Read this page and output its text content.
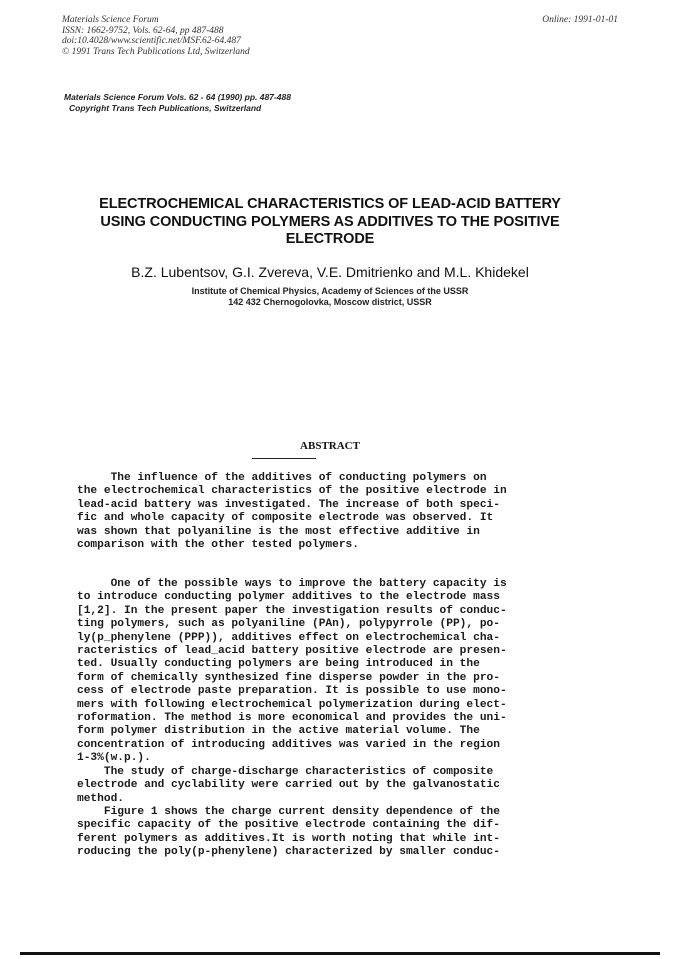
Materials Science Forum
ISSN: 1662-9752, Vols. 62-64, pp 487-488
doi:10.4028/www.scientific.net/MSF.62-64.487
© 1991 Trans Tech Publications Ltd, Switzerland
Online: 1991-01-01
Materials Science Forum Vols. 62 - 64 (1990) pp. 487-488
Copyright Trans Tech Publications, Switzerland
ELECTROCHEMICAL CHARACTERISTICS OF LEAD-ACID BATTERY
USING CONDUCTING POLYMERS AS ADDITIVES TO THE POSITIVE
ELECTRODE
B.Z. Lubentsov, G.I. Zvereva, V.E. Dmitrienko and M.L. Khidekel
Institute of Chemical Physics, Academy of Sciences of the USSR
142 432 Chernogolovka, Moscow district, USSR
ABSTRACT
The influence of the additives of conducting polymers on
the electrochemical characteristics of the positive electrode in
lead-acid battery was investigated. The increase of both speci-
fic and whole capacity of composite electrode was observed. It
was shown that polyaniline is the most effective additive in
comparison with the other tested polymers.
One of the possible ways to improve the battery capacity is
to introduce conducting polymer additives to the electrode mass
[1,2]. In the present paper the investigation results of conduc-
ting polymers, such as polyaniline (PAn), polypyrrole (PP), po-
ly(p_phenylene (PPP)), additives effect on electrochemical cha-
racteristics of lead_acid battery positive electrode are presen-
ted. Usually conducting polymers are being introduced in the
form of chemically synthesized fine disperse powder in the pro-
cess of electrode paste preparation. It is possible to use mono-
mers with following electrochemical polymerization during elect-
roformation. The method is more economical and provides the uni-
form polymer distribution in the active material volume. The
concentration of introducing additives was varied in the region
1-3%(w.p.).
The study of charge-discharge characteristics of composite
electrode and cyclability were carried out by the galvanostatic
method.
Figure 1 shows the charge current density dependence of the
specific capacity of the positive electrode containing the dif-
ferent polymers as additives.It is worth noting that while int-
roducing the poly(p-phenylene) characterized by smaller conduc-
